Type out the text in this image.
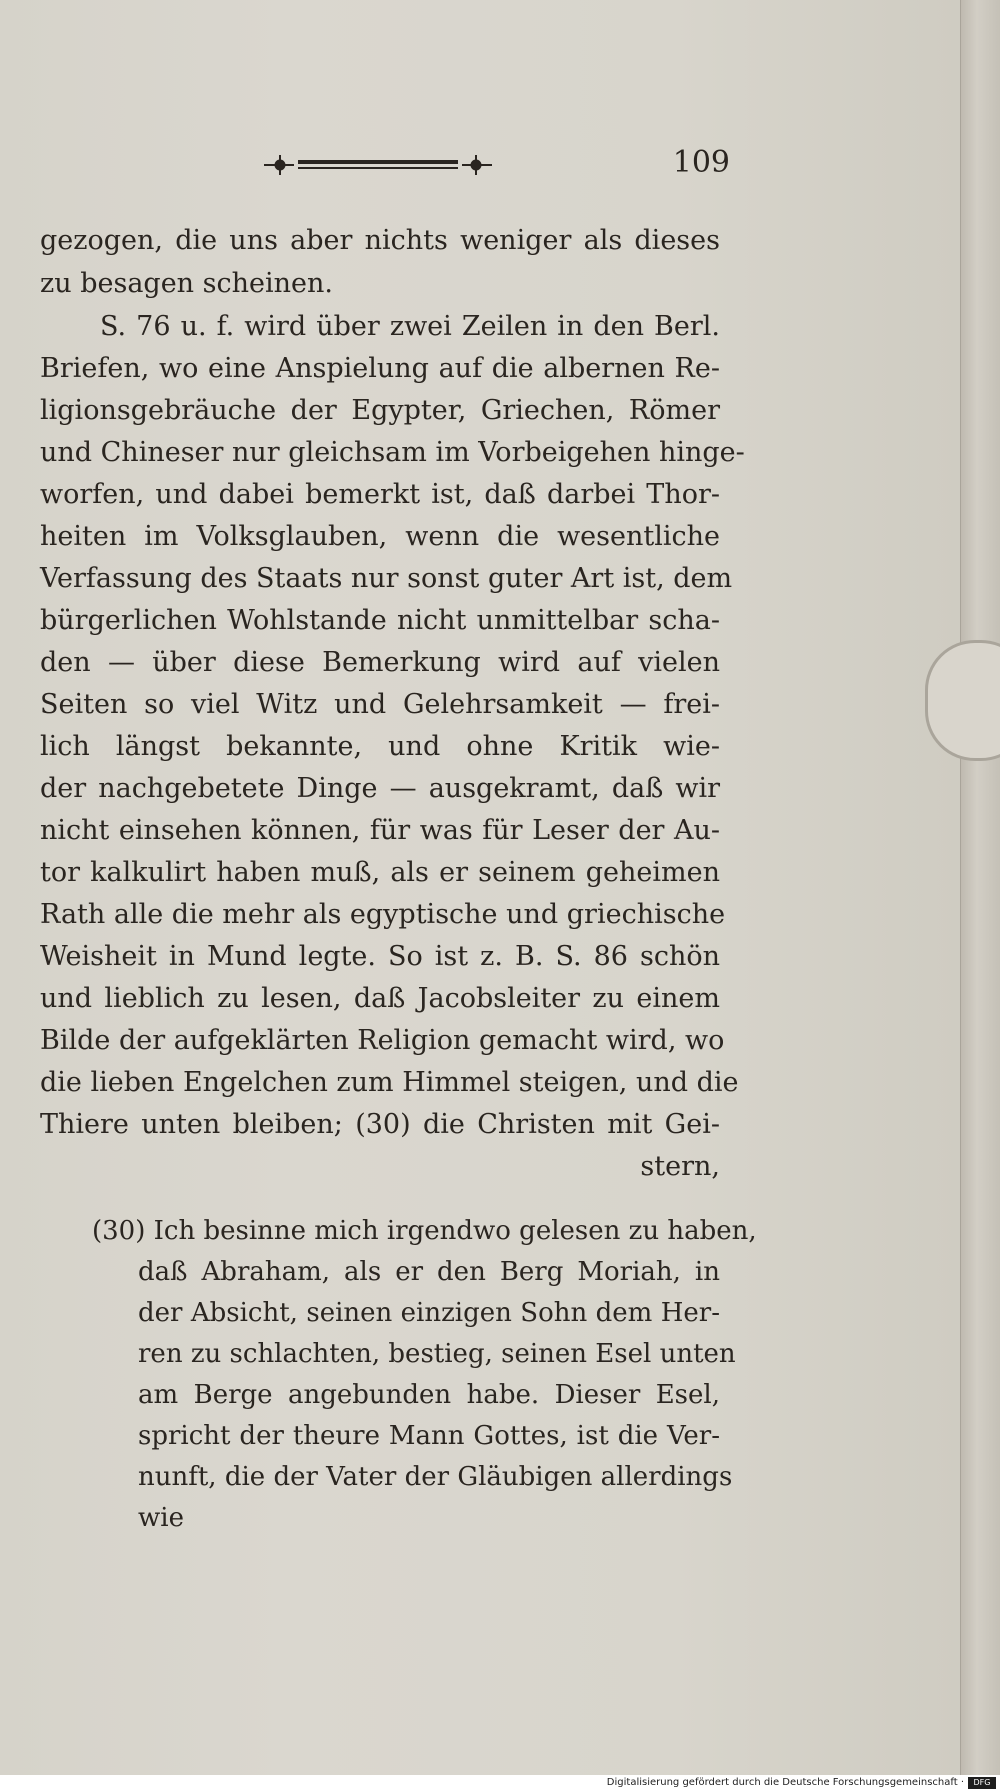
109

gezogen, die uns aber nichts weniger als dieses

zu besagen scheinen.

S. 76 u. f. wird über zwei Zeilen in den Berl.

Briefen, wo eine Anspielung auf die albernen Re-

ligionsgebräuche der Egypter, Griechen, Römer

und Chineser nur gleichsam im Vorbeigehen hinge-

worfen, und dabei bemerkt ist, daß darbei Thor-

heiten im Volksglauben, wenn die wesentliche

Verfassung des Staats nur sonst guter Art ist, dem

bürgerlichen Wohlstande nicht unmittelbar scha-

den — über diese Bemerkung wird auf vielen

Seiten so viel Witz und Gelehrsamkeit — frei-

lich längst bekannte, und ohne Kritik wie-

der nachgebetete Dinge — ausgekramt, daß wir

nicht einsehen können, für was für Leser der Au-

tor kalkulirt haben muß, als er seinem geheimen

Rath alle die mehr als egyptische und griechische

Weisheit in Mund legte. So ist z. B. S. 86 schön

und lieblich zu lesen, daß Jacobsleiter zu einem

Bilde der aufgeklärten Religion gemacht wird, wo

die lieben Engelchen zum Himmel steigen, und die

Thiere unten bleiben; (30) die Christen mit Gei-

stern,

(30) Ich besinne mich irgendwo gelesen zu haben,

daß Abraham, als er den Berg Moriah, in

der Absicht, seinen einzigen Sohn dem Her-

ren zu schlachten, bestieg, seinen Esel unten

am Berge angebunden habe. Dieser Esel,

spricht der theure Mann Gottes, ist die Ver-

nunft, die der Vater der Gläubigen allerdings

wie

Digitalisierung gefördert durch die Deutsche Forschungsgemeinschaft ·	DFG
